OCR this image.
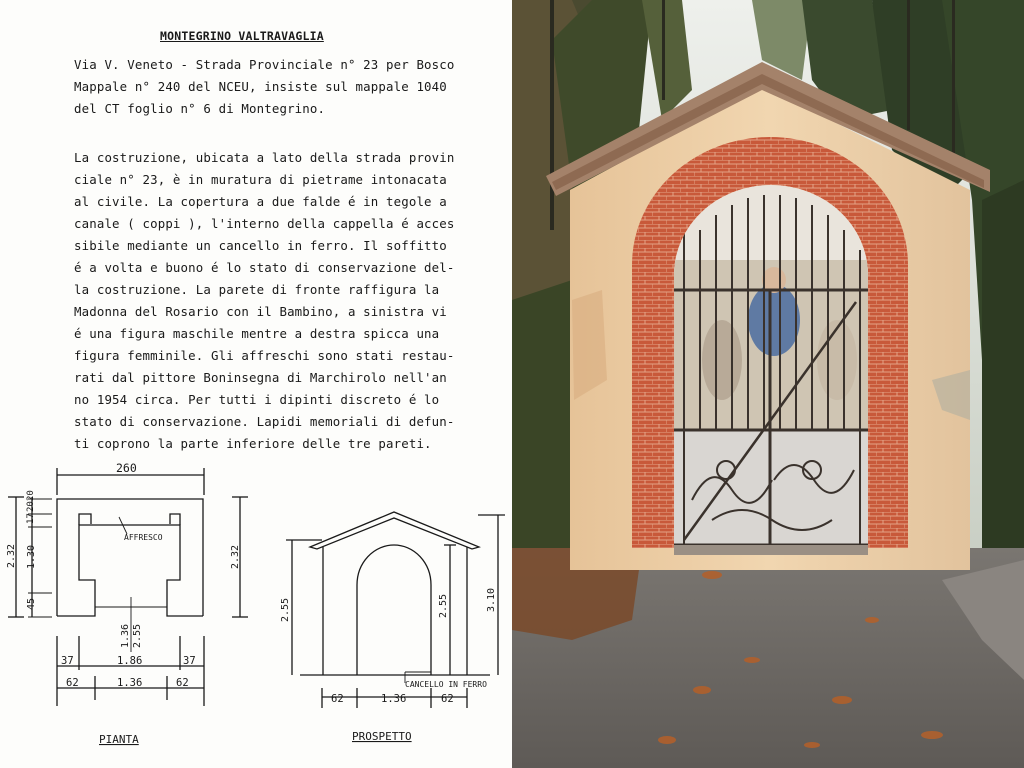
MONTEGRINO VALTRAVAGLIA
Via V. Veneto - Strada Provinciale n° 23 per Bosco
Mappale n° 240 del NCEU, insiste sul mappale 1040
del CT foglio n° 6 di Montegrino.
La costruzione, ubicata a lato della strada provin
ciale n° 23, è in muratura di pietrame intonacata
al civile. La copertura a due falde é in tegole a
canale ( coppi ), l'interno della cappella é acces
sibile mediante un cancello in ferro. Il soffitto
é a volta e buono é lo stato di conservazione del-
la costruzione. La parete di fronte raffigura la
Madonna del Rosario con il Bambino, a sinistra vi
é una figura maschile mentre a destra spicca una
figura femminile. Gli affreschi sono stati restau-
rati dal pittore Boninsegna di Marchirolo nell'an
no 1954 circa. Per tutti i dipinti discreto é lo
stato di conservazione. Lapidi memoriali di defun-
ti coprono la parte inferiore delle tre pareti.
260
AFFRESCO
2.32
20
20
17
1.30
45
2.32
1.36 2.55
37	1.86	37
62	1.36	62
PIANTA
2.55	2.55	3.10
CANCELLO IN FERRO
62	1.36	62
PROSPETTO
